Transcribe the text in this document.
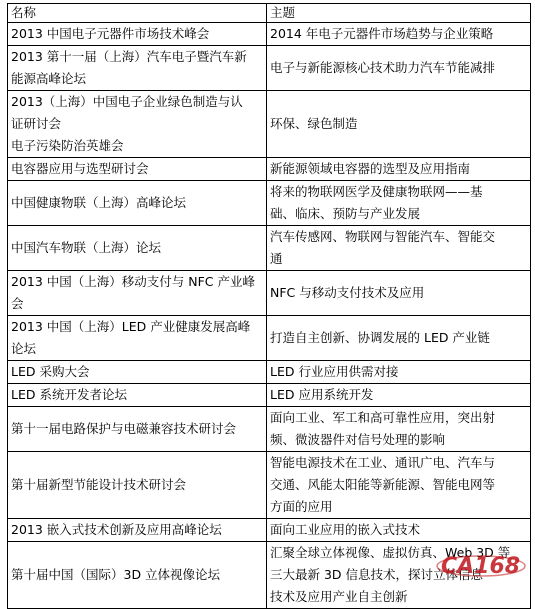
名称	主题

2013 中国电子元器件市场技术峰会	2014 年电子元器件市场趋势与企业策略

2013 第十一届（上海）汽车电子暨汽车新
能源高峰论坛	电子与新能源核心技术助力汽车节能减排

2013（上海）中国电子企业绿色制造与认
证研讨会
电子污染防治英雄会	环保、绿色制造

电容器应用与选型研讨会	新能源领域电容器的选型及应用指南

中国健康物联（上海）高峰论坛	将来的物联网医学及健康物联网——基
础、临床、预防与产业发展

中国汽车物联（上海）论坛	汽车传感网、物联网与智能汽车、智能交
通

2013 中国（上海）移动支付与 NFC 产业峰
会	NFC 与移动支付技术及应用

2013 中国（上海）LED 产业健康发展高峰
论坛	打造自主创新、协调发展的 LED 产业链

LED 采购大会	LED 行业应用供需对接

LED 系统开发者论坛	LED 应用系统开发

第十一届电路保护与电磁兼容技术研讨会	面向工业、军工和高可靠性应用，突出射
频、微波器件对信号处理的影响

第十届新型节能设计技术研讨会	智能电源技术在工业、通讯广电、汽车与
交通、风能太阳能等新能源、智能电网等
方面的应用

2013 嵌入式技术创新及应用高峰论坛	面向工业应用的嵌入式技术

第十届中国（国际）3D 立体视像论坛	汇聚全球立体视像、虚拟仿真、Web 3D 等
三大最新 3D 信息技术，探讨立体信息
技术及应用产业自主创新
CA168
